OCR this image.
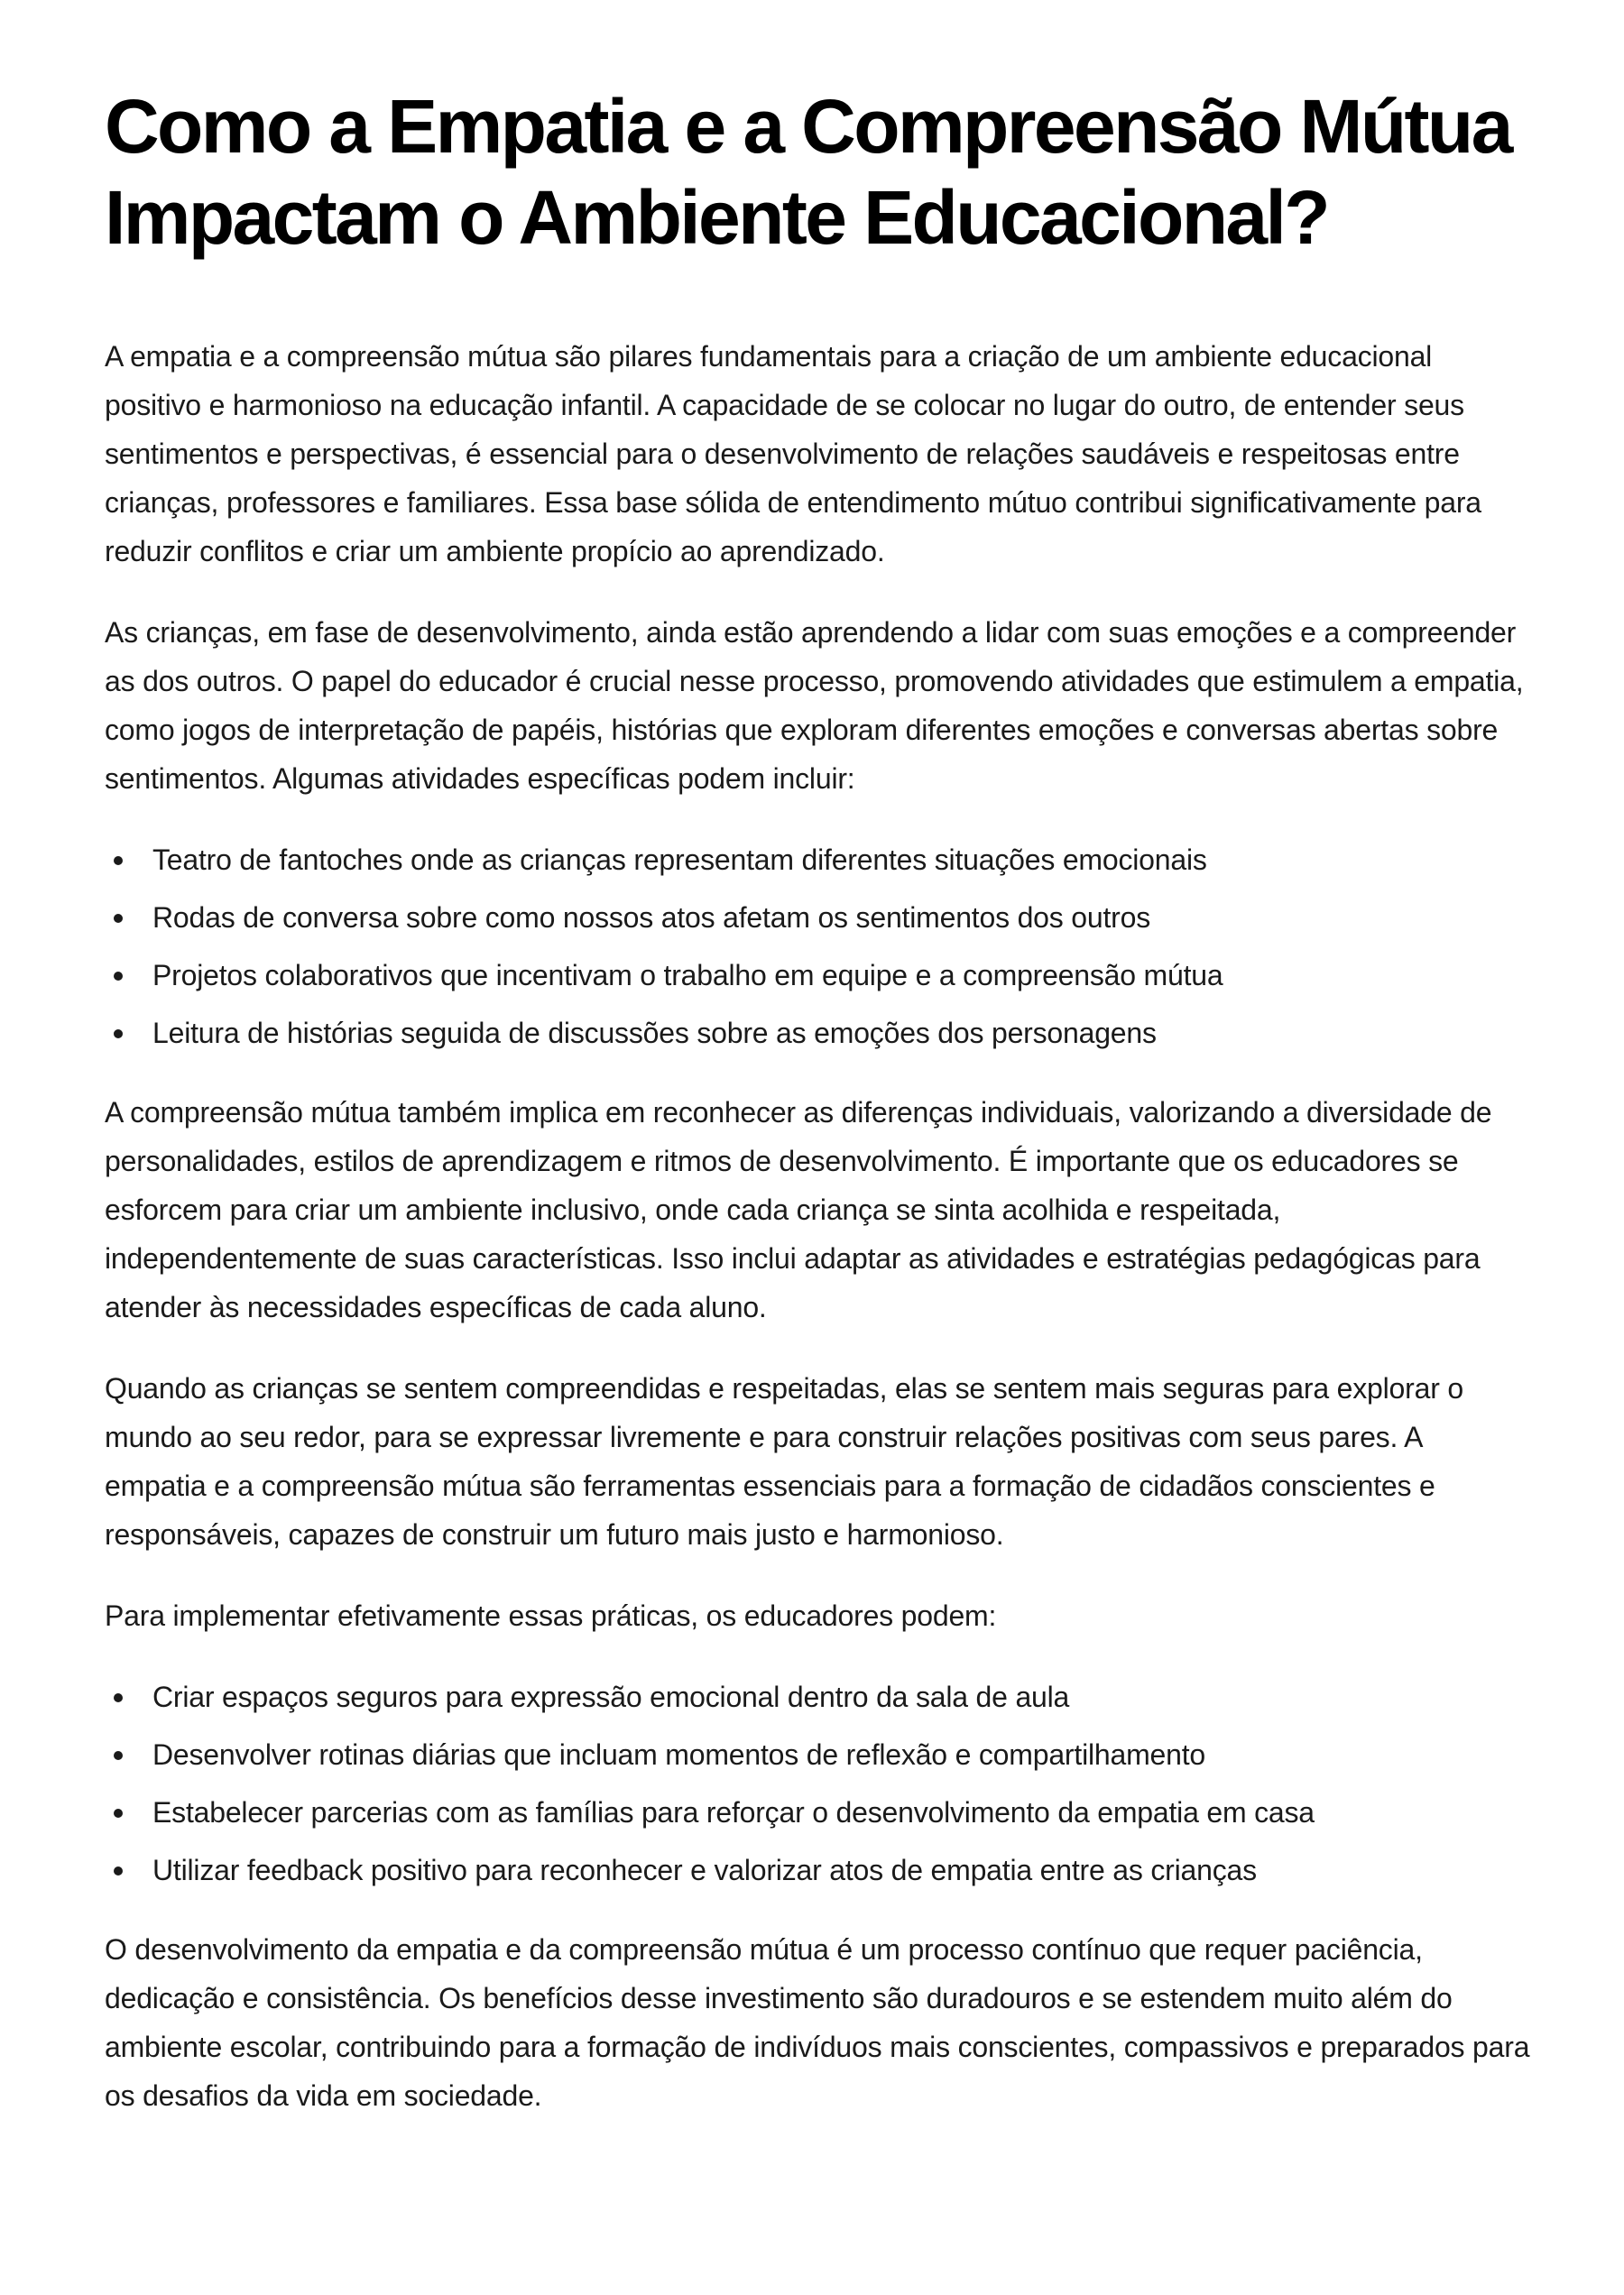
Como a Empatia e a Compreensão Mútua Impactam o Ambiente Educacional?

A empatia e a compreensão mútua são pilares fundamentais para a criação de um ambiente educacional positivo e harmonioso na educação infantil. A capacidade de se colocar no lugar do outro, de entender seus sentimentos e perspectivas, é essencial para o desenvolvimento de relações saudáveis e respeitosas entre crianças, professores e familiares. Essa base sólida de entendimento mútuo contribui significativamente para reduzir conflitos e criar um ambiente propício ao aprendizado.

As crianças, em fase de desenvolvimento, ainda estão aprendendo a lidar com suas emoções e a compreender as dos outros. O papel do educador é crucial nesse processo, promovendo atividades que estimulem a empatia, como jogos de interpretação de papéis, histórias que exploram diferentes emoções e conversas abertas sobre sentimentos. Algumas atividades específicas podem incluir:

Teatro de fantoches onde as crianças representam diferentes situações emocionais
Rodas de conversa sobre como nossos atos afetam os sentimentos dos outros
Projetos colaborativos que incentivam o trabalho em equipe e a compreensão mútua
Leitura de histórias seguida de discussões sobre as emoções dos personagens

A compreensão mútua também implica em reconhecer as diferenças individuais, valorizando a diversidade de personalidades, estilos de aprendizagem e ritmos de desenvolvimento. É importante que os educadores se esforcem para criar um ambiente inclusivo, onde cada criança se sinta acolhida e respeitada, independentemente de suas características. Isso inclui adaptar as atividades e estratégias pedagógicas para atender às necessidades específicas de cada aluno.

Quando as crianças se sentem compreendidas e respeitadas, elas se sentem mais seguras para explorar o mundo ao seu redor, para se expressar livremente e para construir relações positivas com seus pares. A empatia e a compreensão mútua são ferramentas essenciais para a formação de cidadãos conscientes e responsáveis, capazes de construir um futuro mais justo e harmonioso.

Para implementar efetivamente essas práticas, os educadores podem:

Criar espaços seguros para expressão emocional dentro da sala de aula
Desenvolver rotinas diárias que incluam momentos de reflexão e compartilhamento
Estabelecer parcerias com as famílias para reforçar o desenvolvimento da empatia em casa
Utilizar feedback positivo para reconhecer e valorizar atos de empatia entre as crianças

O desenvolvimento da empatia e da compreensão mútua é um processo contínuo que requer paciência, dedicação e consistência. Os benefícios desse investimento são duradouros e se estendem muito além do ambiente escolar, contribuindo para a formação de indivíduos mais conscientes, compassivos e preparados para os desafios da vida em sociedade.
